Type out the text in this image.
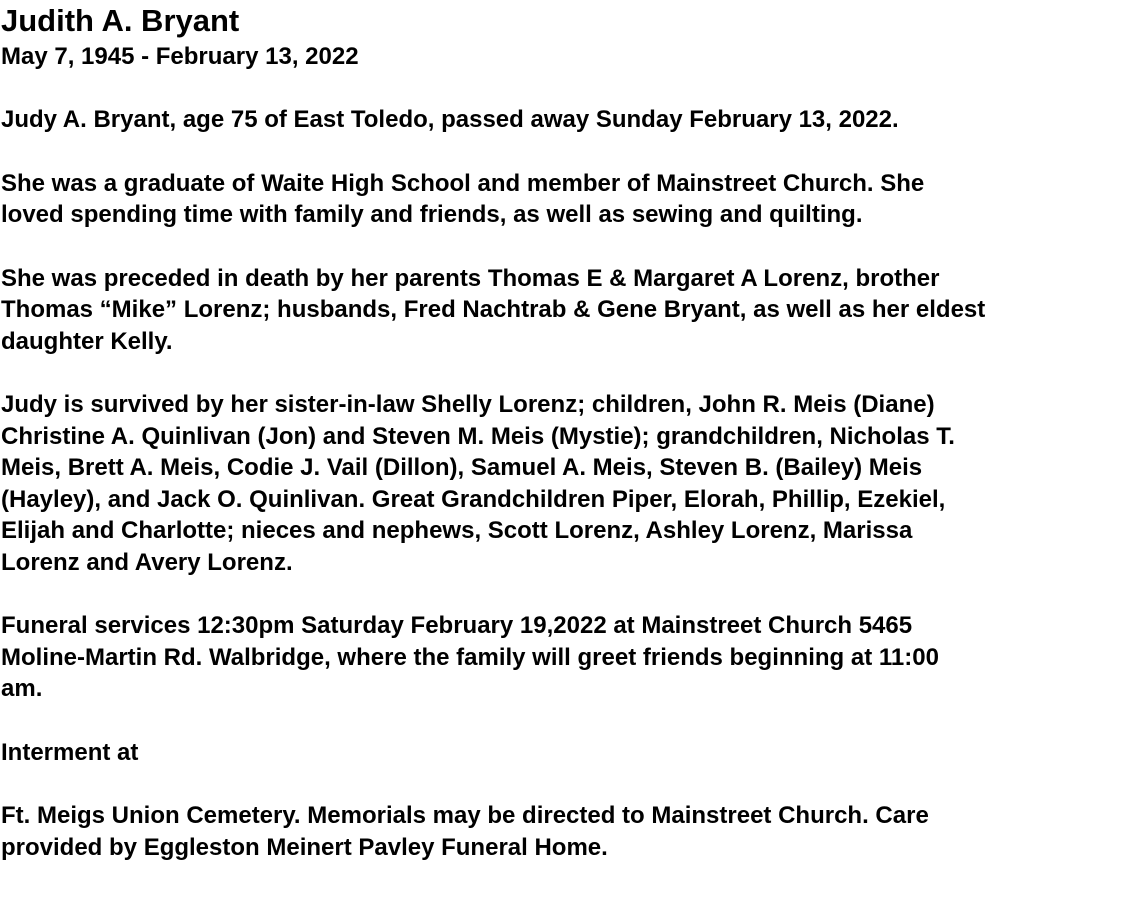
Judith A. Bryant
May 7, 1945 - February 13, 2022
Judy A. Bryant, age 75 of East Toledo, passed away Sunday February 13, 2022.
She was a graduate of Waite High School and member of Mainstreet Church. She
loved spending time with family and friends, as well as sewing and quilting.
She was preceded in death by her parents Thomas E & Margaret A Lorenz, brother
Thomas “Mike” Lorenz; husbands, Fred Nachtrab & Gene Bryant, as well as her eldest
daughter Kelly.
Judy is survived by her sister-in-law Shelly Lorenz; children, John R. Meis (Diane)
Christine A. Quinlivan (Jon) and Steven M. Meis (Mystie); grandchildren, Nicholas T.
Meis, Brett A. Meis, Codie J. Vail (Dillon), Samuel A. Meis, Steven B. (Bailey) Meis
(Hayley), and Jack O. Quinlivan. Great Grandchildren Piper, Elorah, Phillip, Ezekiel,
Elijah and Charlotte; nieces and nephews, Scott Lorenz, Ashley Lorenz, Marissa
Lorenz and Avery Lorenz.
Funeral services 12:30pm Saturday February 19,2022 at Mainstreet Church 5465
Moline-Martin Rd. Walbridge, where the family will greet friends beginning at 11:00
am.
Interment at
Ft. Meigs Union Cemetery. Memorials may be directed to Mainstreet Church. Care
provided by Eggleston Meinert Pavley Funeral Home.
